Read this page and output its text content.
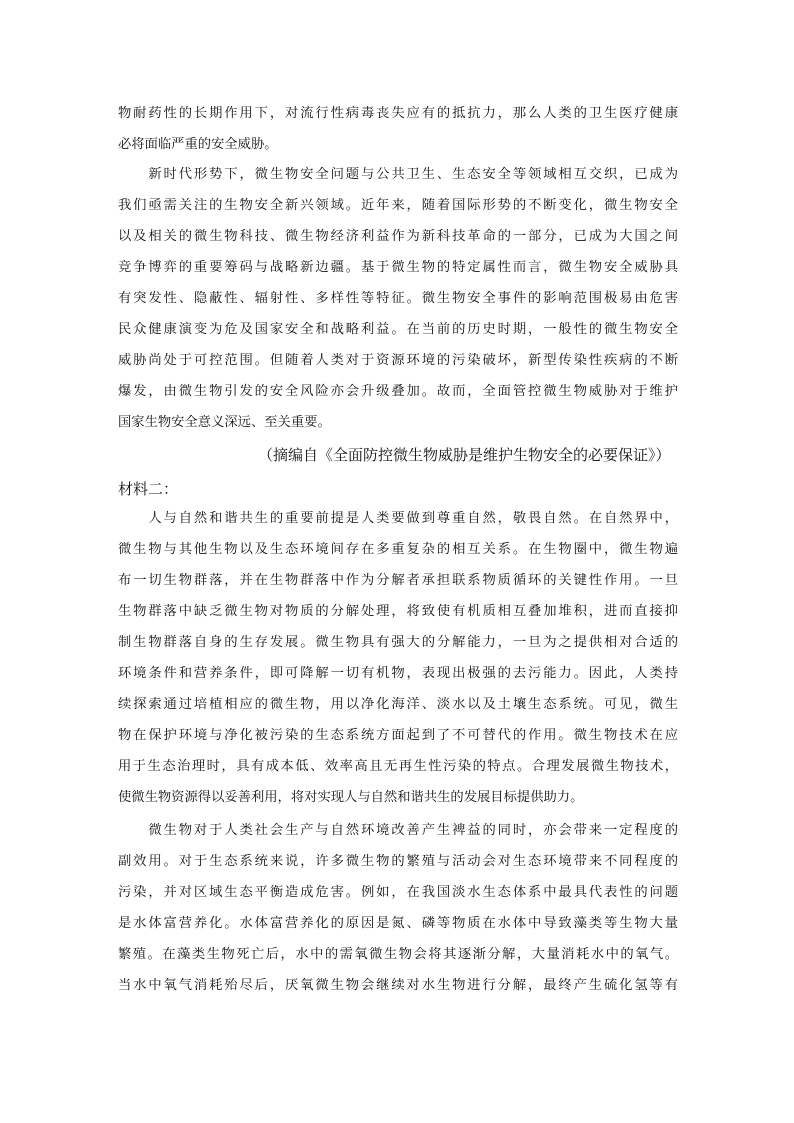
物耐药性的长期作用下，对流行性病毒丧失应有的抵抗力，那么人类的卫生医疗健康
必将面临严重的安全威胁。
　　新时代形势下，微生物安全问题与公共卫生、生态安全等领域相互交织，已成为
我们亟需关注的生物安全新兴领域。近年来，随着国际形势的不断变化，微生物安全
以及相关的微生物科技、微生物经济利益作为新科技革命的一部分，已成为大国之间
竞争博弈的重要筹码与战略新边疆。基于微生物的特定属性而言，微生物安全威胁具
有突发性、隐蔽性、辐射性、多样性等特征。微生物安全事件的影响范围极易由危害
民众健康演变为危及国家安全和战略利益。在当前的历史时期，一般性的微生物安全
威胁尚处于可控范围。但随着人类对于资源环境的污染破坏，新型传染性疾病的不断
爆发，由微生物引发的安全风险亦会升级叠加。故而，全面管控微生物威胁对于维护
国家生物安全意义深远、至关重要。
（摘编自《全面防控微生物威胁是维护生物安全的必要保证》）
材料二：
　　人与自然和谐共生的重要前提是人类要做到尊重自然，敬畏自然。在自然界中，
微生物与其他生物以及生态环境间存在多重复杂的相互关系。在生物圈中，微生物遍
布一切生物群落，并在生物群落中作为分解者承担联系物质循环的关键性作用。一旦
生物群落中缺乏微生物对物质的分解处理，将致使有机质相互叠加堆积，进而直接抑
制生物群落自身的生存发展。微生物具有强大的分解能力，一旦为之提供相对合适的
环境条件和营养条件，即可降解一切有机物，表现出极强的去污能力。因此，人类持
续探索通过培植相应的微生物，用以净化海洋、淡水以及土壤生态系统。可见，微生
物在保护环境与净化被污染的生态系统方面起到了不可替代的作用。微生物技术在应
用于生态治理时，具有成本低、效率高且无再生性污染的特点。合理发展微生物技术，
使微生物资源得以妥善利用，将对实现人与自然和谐共生的发展目标提供助力。
　　微生物对于人类社会生产与自然环境改善产生裨益的同时，亦会带来一定程度的
副效用。对于生态系统来说，许多微生物的繁殖与活动会对生态环境带来不同程度的
污染，并对区域生态平衡造成危害。例如，在我国淡水生态体系中最具代表性的问题
是水体富营养化。水体富营养化的原因是氮、磷等物质在水体中导致藻类等生物大量
繁殖。在藻类生物死亡后，水中的需氧微生物会将其逐渐分解，大量消耗水中的氧气。
当水中氧气消耗殆尽后，厌氧微生物会继续对水生物进行分解，最终产生硫化氢等有
